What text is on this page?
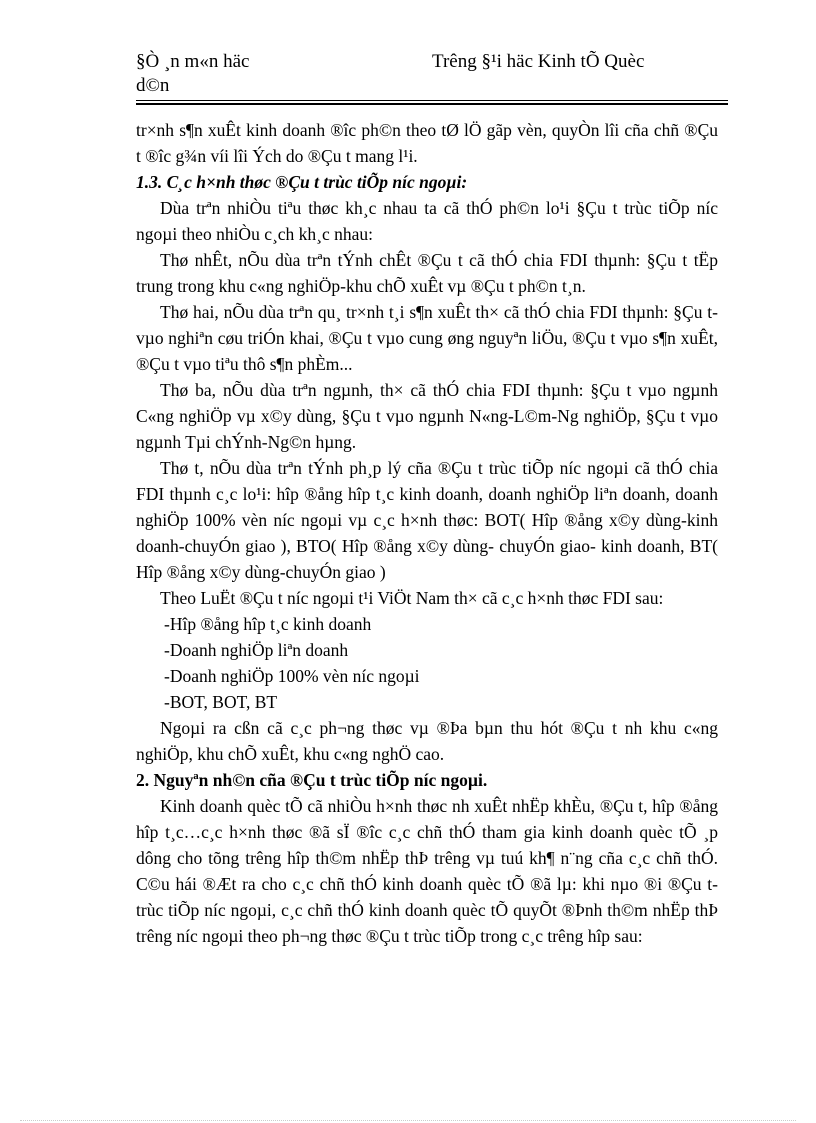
§Ò ¸n m«n häc d©n
Trêng §¹i häc Kinh tÕ Quèc

tr×nh s¶n xuÊt kinh doanh ®îc ph©n theo tØ lÖ gãp vèn, quyÒn lîi cña chñ ®Çu t ®îc g¾n víi lîi Ých do ®Çu t mang l¹i.

1.3. C¸c h×nh thøc ®Çu t trùc tiÕp níc ngoµi:

Dùa trªn nhiÒu tiªu thøc kh¸c nhau ta cã thÓ ph©n lo¹i §Çu t trùc tiÕp níc ngoµi theo nhiÒu c¸ch kh¸c nhau:

Thø nhÊt, nÕu dùa trªn tÝnh chÊt ®Çu t cã thÓ chia FDI thµnh: §Çu t tËp trung trong khu c«ng nghiÖp-khu chÕ xuÊt vµ ®Çu t ph©n t¸n.

Thø hai, nÕu dùa trªn qu¸ tr×nh t¸i s¶n xuÊt th× cã thÓ chia FDI thµnh: §Çu t vµo nghiªn cøu triÓn khai, ®Çu t vµo cung øng nguyªn liÖu, ®Çu t vµo s¶n xuÊt, ®Çu t vµo tiªu thô s¶n phÈm...

Thø ba, nÕu dùa trªn ngµnh, th× cã thÓ chia FDI thµnh: §Çu t vµo ngµnh C«ng nghiÖp vµ x©y dùng, §Çu t vµo ngµnh N«ng-L©m-Ng nghiÖp, §Çu t vµo ngµnh Tµi chÝnh-Ng©n hµng.

Thø t, nÕu dùa trªn tÝnh ph¸p lý cña ®Çu t trùc tiÕp níc ngoµi cã thÓ chia FDI thµnh c¸c lo¹i: hîp ®ång hîp t¸c kinh doanh, doanh nghiÖp liªn doanh, doanh nghiÖp 100% vèn níc ngoµi vµ c¸c h×nh thøc: BOT( Hîp ®ång x©y dùng-kinh doanh-chuyÓn giao ), BTO( Hîp ®ång x©y dùng- chuyÓn giao- kinh doanh, BT( Hîp ®ång x©y dùng-chuyÓn giao )

Theo LuËt ®Çu t níc ngoµi t¹i ViÖt Nam th× cã c¸c h×nh thøc FDI sau:

-Hîp ®ång hîp t¸c kinh doanh

-Doanh nghiÖp liªn doanh

-Doanh nghiÖp 100% vèn níc ngoµi

-BOT, BOT, BT

Ngoµi ra cßn cã c¸c ph¬ng thøc vµ ®Þa bµn thu hót ®Çu t nh khu c«ng nghiÖp, khu chÕ xuÊt, khu c«ng nghÖ cao.

2. Nguyªn nh©n cña ®Çu t trùc tiÕp níc ngoµi.

Kinh doanh quèc tÕ cã nhiÒu h×nh thøc nh xuÊt nhËp khÈu, ®Çu t, hîp ®ång hîp t¸c…c¸c h×nh thøc ®ã sÏ ®îc c¸c chñ thÓ tham gia kinh doanh quèc tÕ ¸p dông cho tõng trêng hîp th©m nhËp thÞ trêng vµ tuú kh¶ n¨ng cña c¸c chñ thÓ. C©u hái ®Æt ra cho c¸c chñ thÓ kinh doanh quèc tÕ ®ã lµ: khi nµo ®i ®Çu t trùc tiÕp níc ngoµi, c¸c chñ thÓ kinh doanh quèc tÕ quyÕt ®Þnh th©m nhËp thÞ trêng níc ngoµi theo ph¬ng thøc ®Çu t trùc tiÕp trong c¸c trêng hîp sau:
